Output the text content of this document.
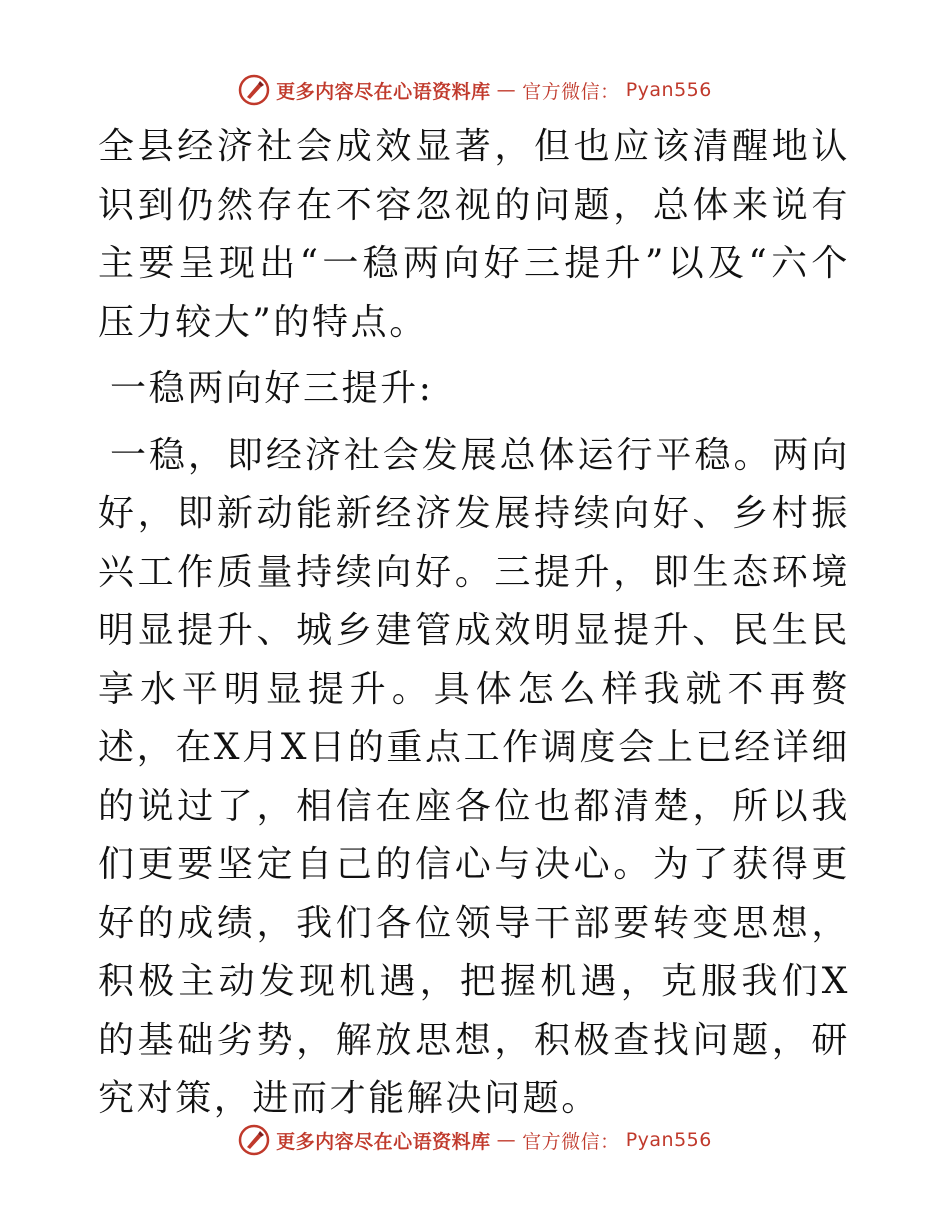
更多内容尽在心语资料库 — 官方微信： Pyan556

全县经济社会成效显著，但也应该清醒地认识到仍然存在不容忽视的问题，总体来说有主要呈现出“一稳两向好三提升”以及“六个压力较大”的特点。

一稳两向好三提升:

一稳，即经济社会发展总体运行平稳。两向好，即新动能新经济发展持续向好、乡村振兴工作质量持续向好。三提升，即生态环境明显提升、城乡建管成效明显提升、民生民享水平明显提升。具体怎么样我就不再赘述，在X月X日的重点工作调度会上已经详细的说过了，相信在座各位也都清楚，所以我们更要坚定自己的信心与决心。为了获得更好的成绩，我们各位领导干部要转变思想，积极主动发现机遇，把握机遇，克服我们X的基础劣势，解放思想，积极查找问题，研究对策，进而才能解决问题。

更多内容尽在心语资料库 — 官方微信： Pyan556
